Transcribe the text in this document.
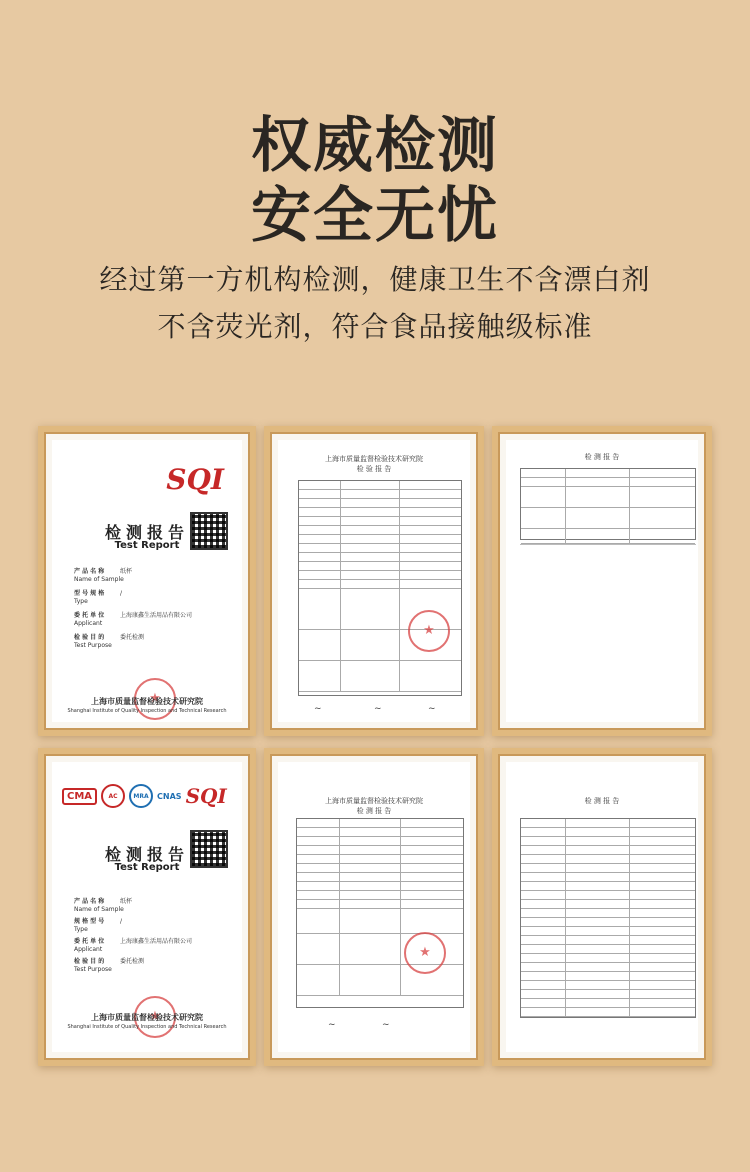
权威检测
安全无忧
经过第一方机构检测，健康卫生不含漂白剂
不含荧光剂，符合食品接触级标准
SQI
检测报告
Test Report
产 品 名 称	纸杯
Name of Sample
型 号 规 格	/
Type
委 托 单 位	上海康鑫生活用品有限公司
Applicant
检 验 目 的	委托检测
Test Purpose
★
上海市质量监督检验技术研究院
Shanghai Institute of Quality Inspection and Technical Research
上海市质量监督检验技术研究院
检 验 报 告
★
~	~	~
检 测 报 告
CMA	AC	MRA	CNAS SQI
检测报告
Test Report
产 品 名 称	纸杯
Name of Sample
规 格 型 号	/
Type
委 托 单 位	上海康鑫生活用品有限公司
Applicant
检 验 目 的	委托检测
Test Purpose
★
上海市质量监督检验技术研究院
Shanghai Institute of Quality Inspection and Technical Research
上海市质量监督检验技术研究院
检 测 报 告
★
~	~
检 测 报 告
